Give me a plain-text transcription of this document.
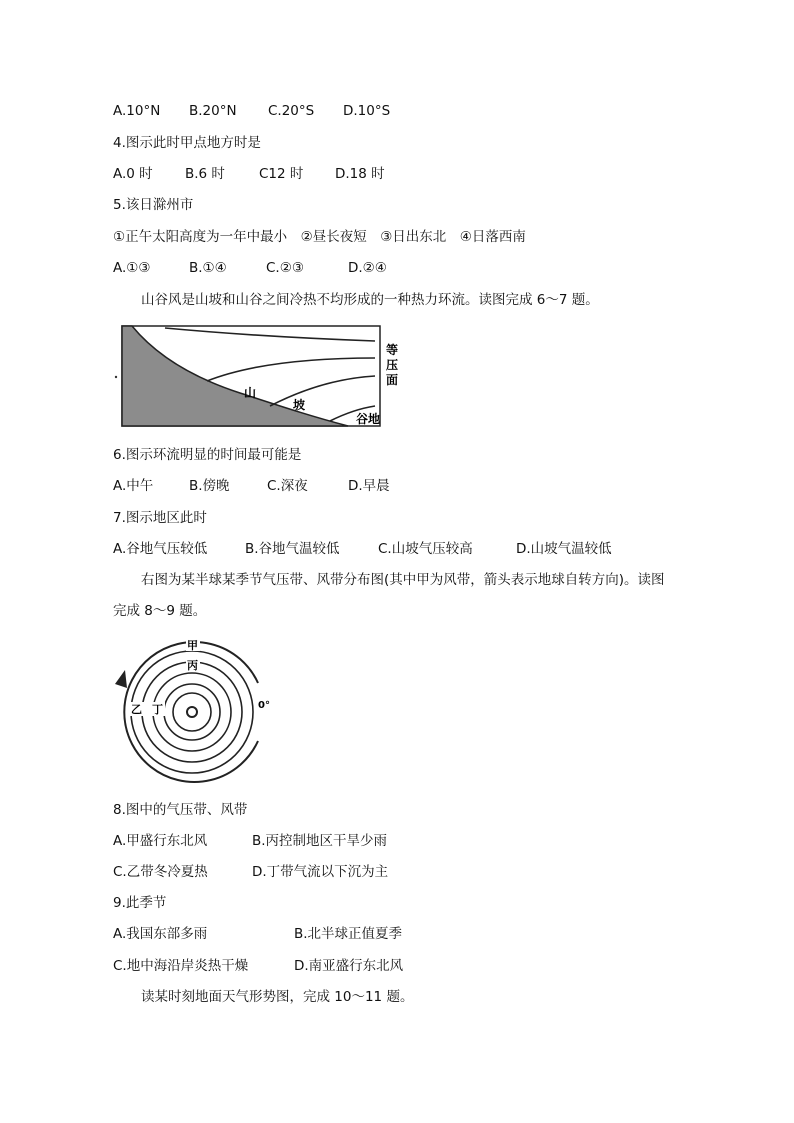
A.10°N B.20°N C.20°S D.10°S
4.图示此时甲点地方时是
A.0 时 B.6 时	C12 时 D.18 时
5.该日滁州市
①正午太阳高度为一年中最小　②昼长夜短　③日出东北　④日落西南
A.①③	B.①④	C.②③	D.②④
山谷风是山坡和山谷之间冷热不均形成的一种热力环流。读图完成 6～7 题。
等
压
面
山
坡
谷地
6.图示环流明显的时间最可能是
A.中午	B.傍晚	C.深夜	D.早晨
7.图示地区此时
A.谷地气压较低	B.谷地气温较低	C.山坡气压较高	D.山坡气温较低
右图为某半球某季节气压带、风带分布图(其中甲为风带，箭头表示地球自转方向)。读图
完成 8～9 题。
甲
丙
乙 丁	0°
8.图中的气压带、风带
A.甲盛行东北风	B.丙控制地区干旱少雨
C.乙带冬冷夏热	D.丁带气流以下沉为主
9.此季节
A.我国东部多雨	B.北半球正值夏季
C.地中海沿岸炎热干燥	D.南亚盛行东北风
读某时刻地面天气形势图，完成 10～11 题。
